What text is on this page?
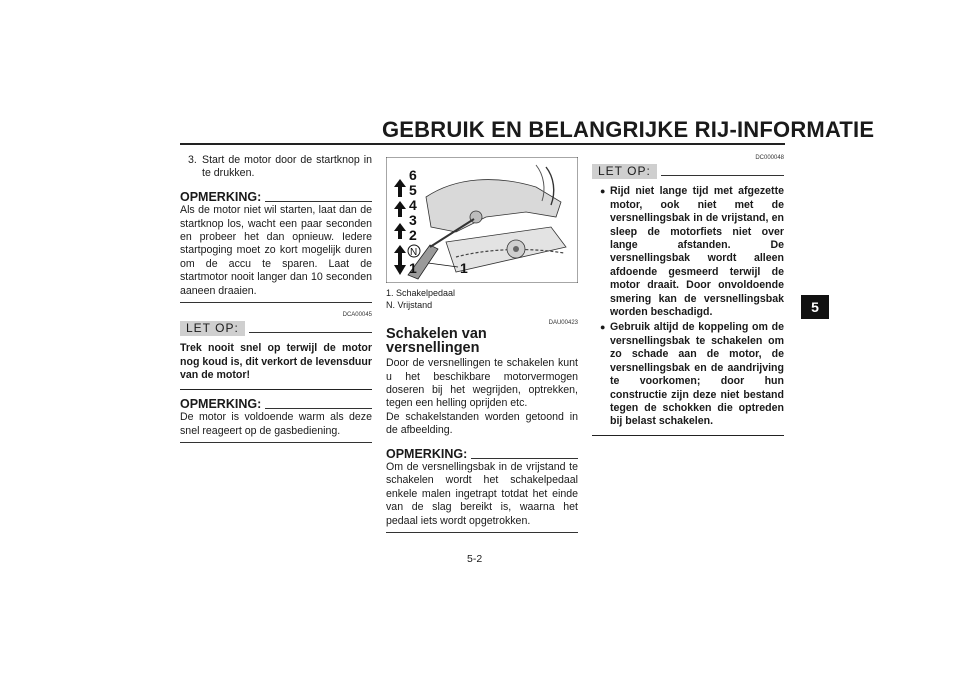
GEBRUIK EN BELANGRIJKE RIJ-INFORMATIE
5
3. Start de motor door de startknop in te drukken.

OPMERKING:

Als de motor niet wil starten, laat dan de startknop los, wacht een paar seconden en probeer het dan opnieuw. Iedere startpoging moet zo kort mogelijk duren om de accu te sparen. Laat de startmotor nooit langer dan 10 seconden aaneen draaien.

DCA00045
LET OP:

Trek nooit snel op terwijl de motor nog koud is, dit verkort de levensduur van de motor!

OPMERKING:

De motor is voldoende warm als deze snel reageert op de gasbediening.

6
5
4
3
2
N
1	1
1. Schakelpedaal
N. Vrijstand
DAU00423
Schakelen van versnellingen

Door de versnellingen te schakelen kunt u het beschikbare motorvermogen doseren bij het wegrijden, optrekken, tegen een helling oprijden etc.

De schakelstanden worden getoond in de afbeelding.

OPMERKING:

Om de versnellingsbak in de vrijstand te schakelen wordt het schakelpedaal enkele malen ingetrapt totdat het einde van de slag bereikt is, waarna het pedaal iets wordt opgetrokken.

DC000048
LET OP:
● Rijd niet lange tijd met afgezette motor, ook niet met de versnellingsbak in de vrijstand, en sleep de motorfiets niet over lange afstanden. De versnellingsbak wordt alleen afdoende gesmeerd terwijl de motor draait. Door onvoldoende smering kan de versnellingsbak worden beschadigd.

● Gebruik altijd de koppeling om de versnellingsbak te schakelen om zo schade aan de motor, de versnellingsbak en de aandrijving te voorkomen; door hun constructie zijn deze niet bestand tegen de schokken die optreden bij belast schakelen.

5-2
